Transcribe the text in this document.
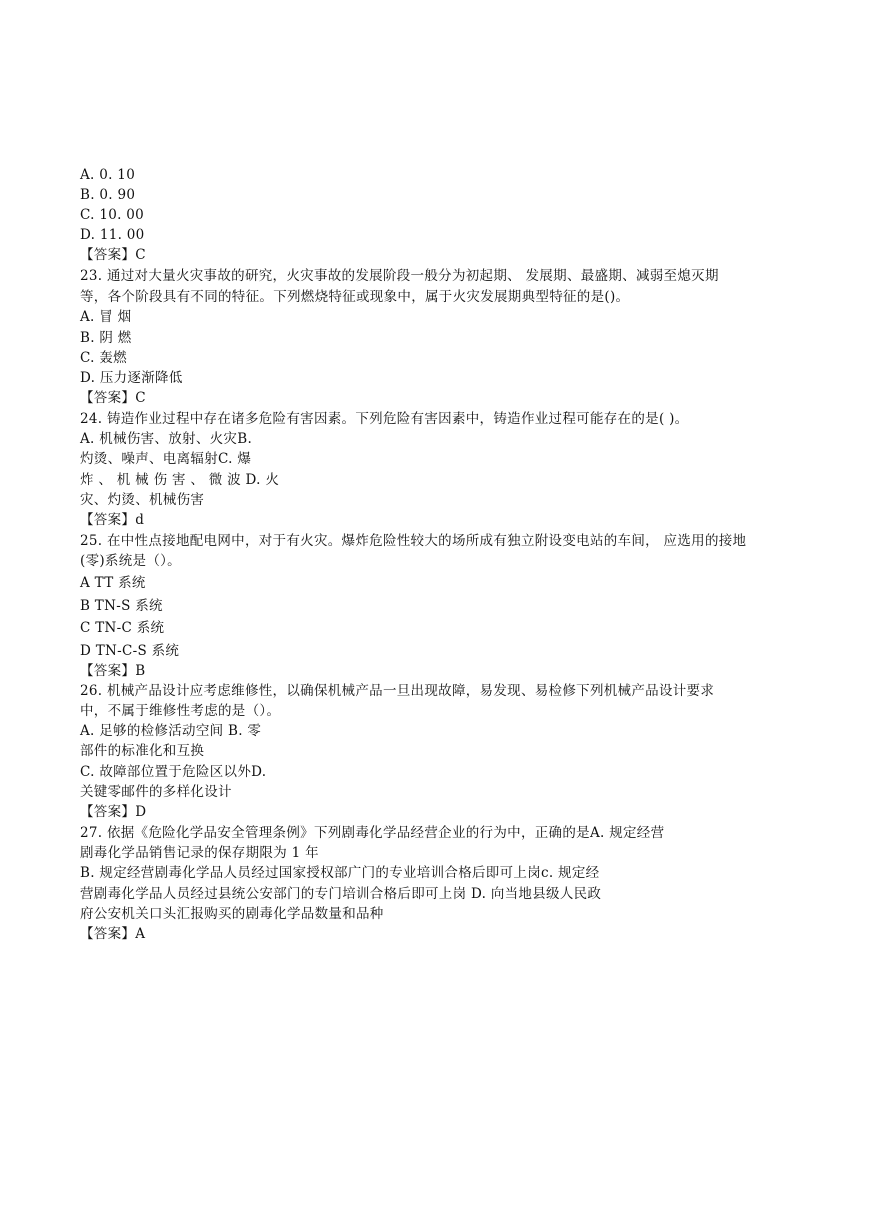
A. 0. 10
B. 0. 90
C. 10. 00
D. 11. 00
【答案】C
23. 通过对大量火灾事故的研究，火灾事故的发展阶段一般分为初起期、 发展期、最盛期、减弱至熄灭期
等，各个阶段具有不同的特征。下列燃烧特征或现象中，属于火灾发展期典型特征的是()。
A. 冒 烟
B. 阴 燃
C. 轰燃
D. 压力逐渐降低
【答案】C
24. 铸造作业过程中存在诸多危险有害因素。下列危险有害因素中，铸造作业过程可能存在的是( )。
A. 机械伤害、放射、火灾B.
灼烫、噪声、电离辐射C. 爆
炸 、 机 械 伤 害 、 微 波 D. 火
灾、灼烫、机械伤害
【答案】d
25. 在中性点接地配电网中，对于有火灾。爆炸危险性较大的场所成有独立附设变电站的车间， 应选用的接地
(零)系统是（）。
A TT 系统
B TN-S 系统
C TN-C 系统
D TN-C-S 系统
【答案】B
26. 机械产品设计应考虑维修性，以确保机械产品一旦出现故障，易发现、易检修下列机械产品设计要求
中，不属于维修性考虑的是（）。
A. 足够的检修活动空间 B. 零
部件的标准化和互换
C. 故障部位置于危险区以外D.
关键零邮件的多样化设计
【答案】D
27. 依据《危险化学品安全管理条例》下列剧毒化学品经营企业的行为中，正确的是A. 规定经营
剧毒化学品销售记录的保存期限为 1 年
B. 规定经营剧毒化学品人员经过国家授权部广门的专业培训合格后即可上岗c. 规定经
营剧毒化学品人员经过县统公安部门的专门培训合格后即可上岗 D. 向当地县级人民政
府公安机关口头汇报购买的剧毒化学品数量和品种
【答案】A
